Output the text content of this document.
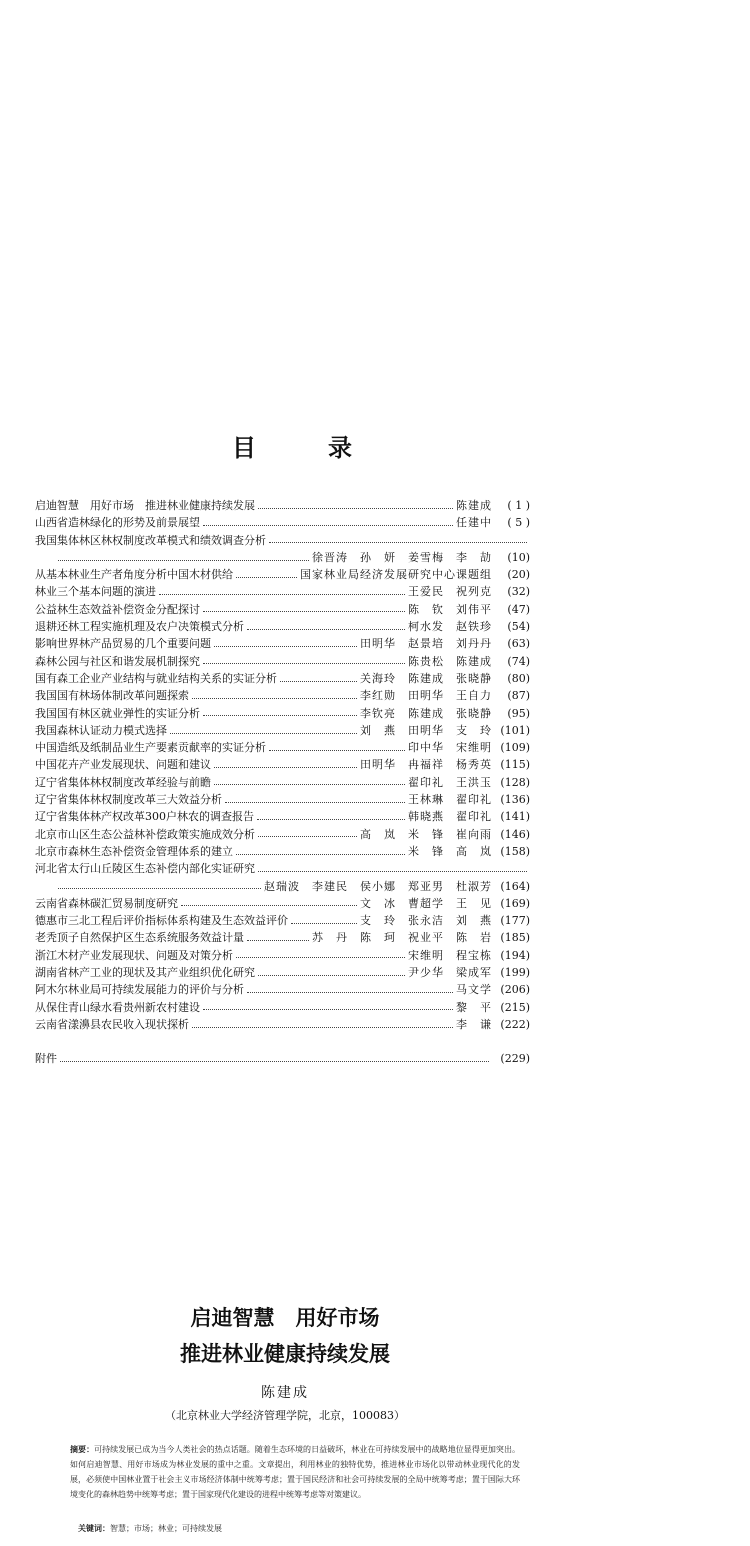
目	录
启迪智慧　用好市场　推进林业健康持续发展	陈建成	( 1 )
山西省造林绿化的形势及前景展望	任建中	( 5 )
我国集体林区林权制度改革模式和绩效调查分析
徐晋涛　孙　妍　姜雪梅　李　劼	(10)
从基本林业生产者角度分析中国木材供给	国家林业局经济发展研究中心课题组	(20)
林业三个基本问题的演进	王爱民　祝列克	(32)
公益林生态效益补偿资金分配探讨	陈　钦　刘伟平	(47)
退耕还林工程实施机理及农户决策模式分析	柯水发　赵铁珍	(54)
影响世界林产品贸易的几个重要问题	田明华　赵景培　刘丹丹	(63)
森林公园与社区和谐发展机制探究	陈贵松　陈建成	(74)
国有森工企业产业结构与就业结构关系的实证分析	关海玲　陈建成　张晓静	(80)
我国国有林场体制改革问题探索	李红勋　田明华　王自力	(87)
我国国有林区就业弹性的实证分析	李钦亮　陈建成　张晓静	(95)
我国森林认证动力模式选择	刘　燕　田明华　支　玲 (101)
中国造纸及纸制品业生产要素贡献率的实证分析	印中华　宋维明 (109)
中国花卉产业发展现状、问题和建议	田明华　冉福祥　杨秀英 (115)
辽宁省集体林权制度改革经验与前瞻	翟印礼　王洪玉 (128)
辽宁省集体林权制度改革三大效益分析	王林琳　翟印礼 (136)
辽宁省集体林产权改革300户林农的调查报告	韩晓燕　翟印礼 (141)
北京市山区生态公益林补偿政策实施成效分析	高　岚　米　锋　崔向雨 (146)
北京市森林生态补偿资金管理体系的建立	米　锋　高　岚 (158)
河北省太行山丘陵区生态补偿内部化实证研究
赵瑞波　李建民　侯小娜　郑亚男　杜淑芳 (164)
云南省森林碳汇贸易制度研究	文　冰　曹超学　王　见 (169)
德惠市三北工程后评价指标体系构建及生态效益评价	支　玲　张永洁　刘　燕 (177)
老秃顶子自然保护区生态系统服务效益计量	苏　丹　陈　珂　祝业平　陈　岩 (185)
浙江木材产业发展现状、问题及对策分析	宋维明　程宝栋 (194)
湖南省林产工业的现状及其产业组织优化研究	尹少华　梁成军 (199)
阿木尔林业局可持续发展能力的评价与分析	马文学 (206)
从保住青山绿水看贵州新农村建设	黎　平 (215)
云南省漾濞县农民收入现状探析	李　谦 (222)
附件	(229)
启迪智慧　用好市场
推进林业健康持续发展
陈建成
（北京林业大学经济管理学院，北京，100083）
摘要：可持续发展已成为当今人类社会的热点话题。随着生态环境的日益破坏，林业在可持续发展中的战略地位显得更加突出。如何启迪智慧、用好市场成为林业发展的重中之重。文章提出，利用林业的独特优势，推进林业市场化以带动林业现代化的发展，必须使中国林业置于社会主义市场经济体制中统筹考虑；置于国民经济和社会可持续发展的全局中统筹考虑；置于国际大环境变化的森林趋势中统筹考虑；置于国家现代化建设的进程中统筹考虑等对策建议。
关键词：智慧；市场；林业；可持续发展
